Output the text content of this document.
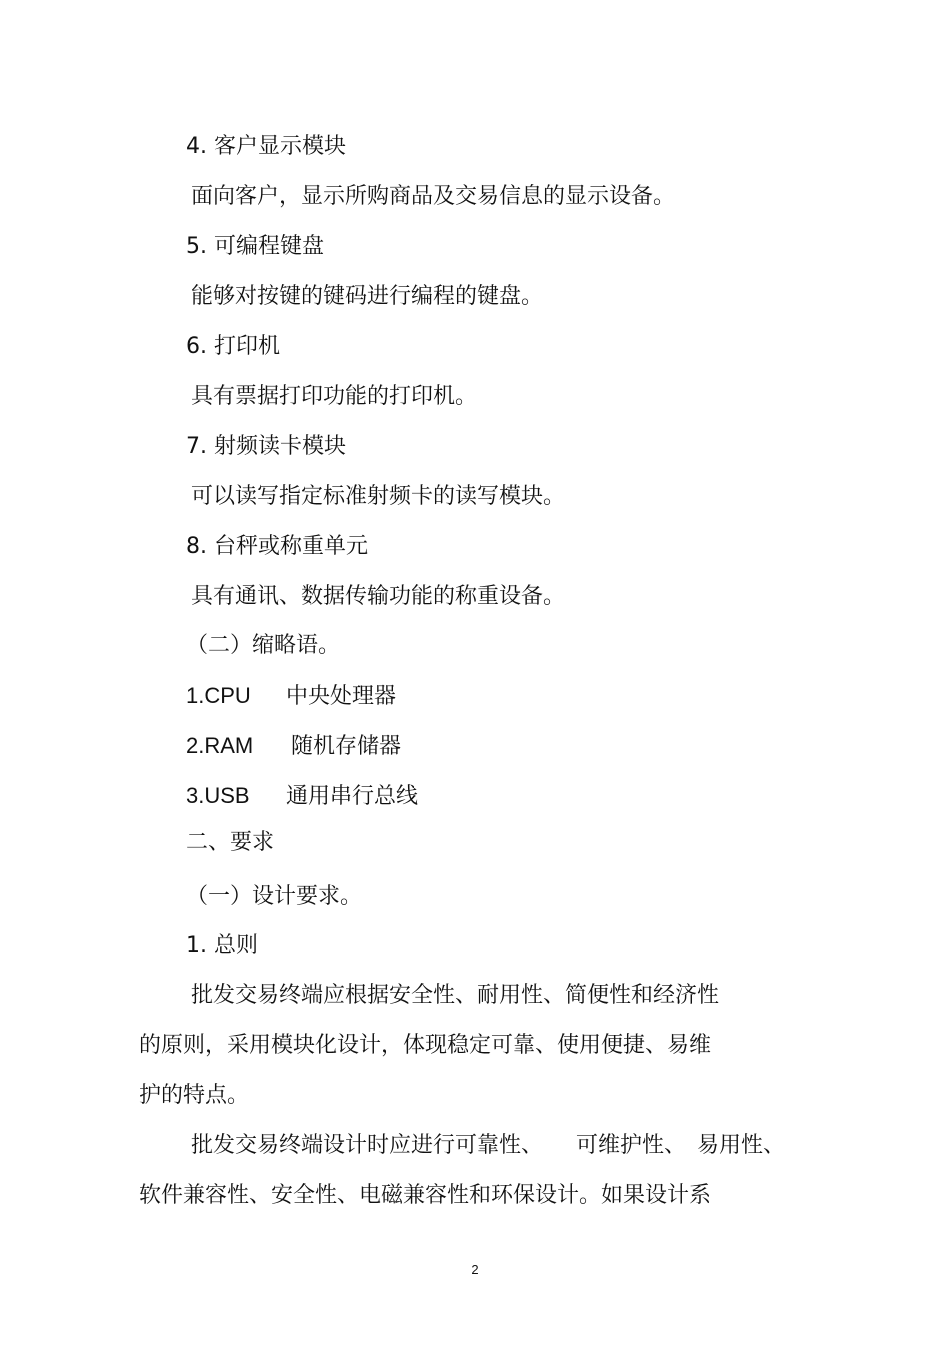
4. 客户显示模块
面向客户，显示所购商品及交易信息的显示设备。
5. 可编程键盘
能够对按键的键码进行编程的键盘。
6. 打印机
具有票据打印功能的打印机。
7. 射频读卡模块
可以读写指定标准射频卡的读写模块。
8. 台秤或称重单元
具有通讯、数据传输功能的称重设备。
（二）缩略语。
1.CPU 中央处理器
2.RAM 随机存储器
3.USB 通用串行总线
二、要求
（一）设计要求。
1. 总则
批发交易终端应根据安全性、耐用性、简便性和经济性
的原则，采用模块化设计，体现稳定可靠、使用便捷、易维
护的特点。
批发交易终端设计时应进行可靠性、　　可维护性、　易用性、
软件兼容性、安全性、电磁兼容性和环保设计。如果设计系
2
